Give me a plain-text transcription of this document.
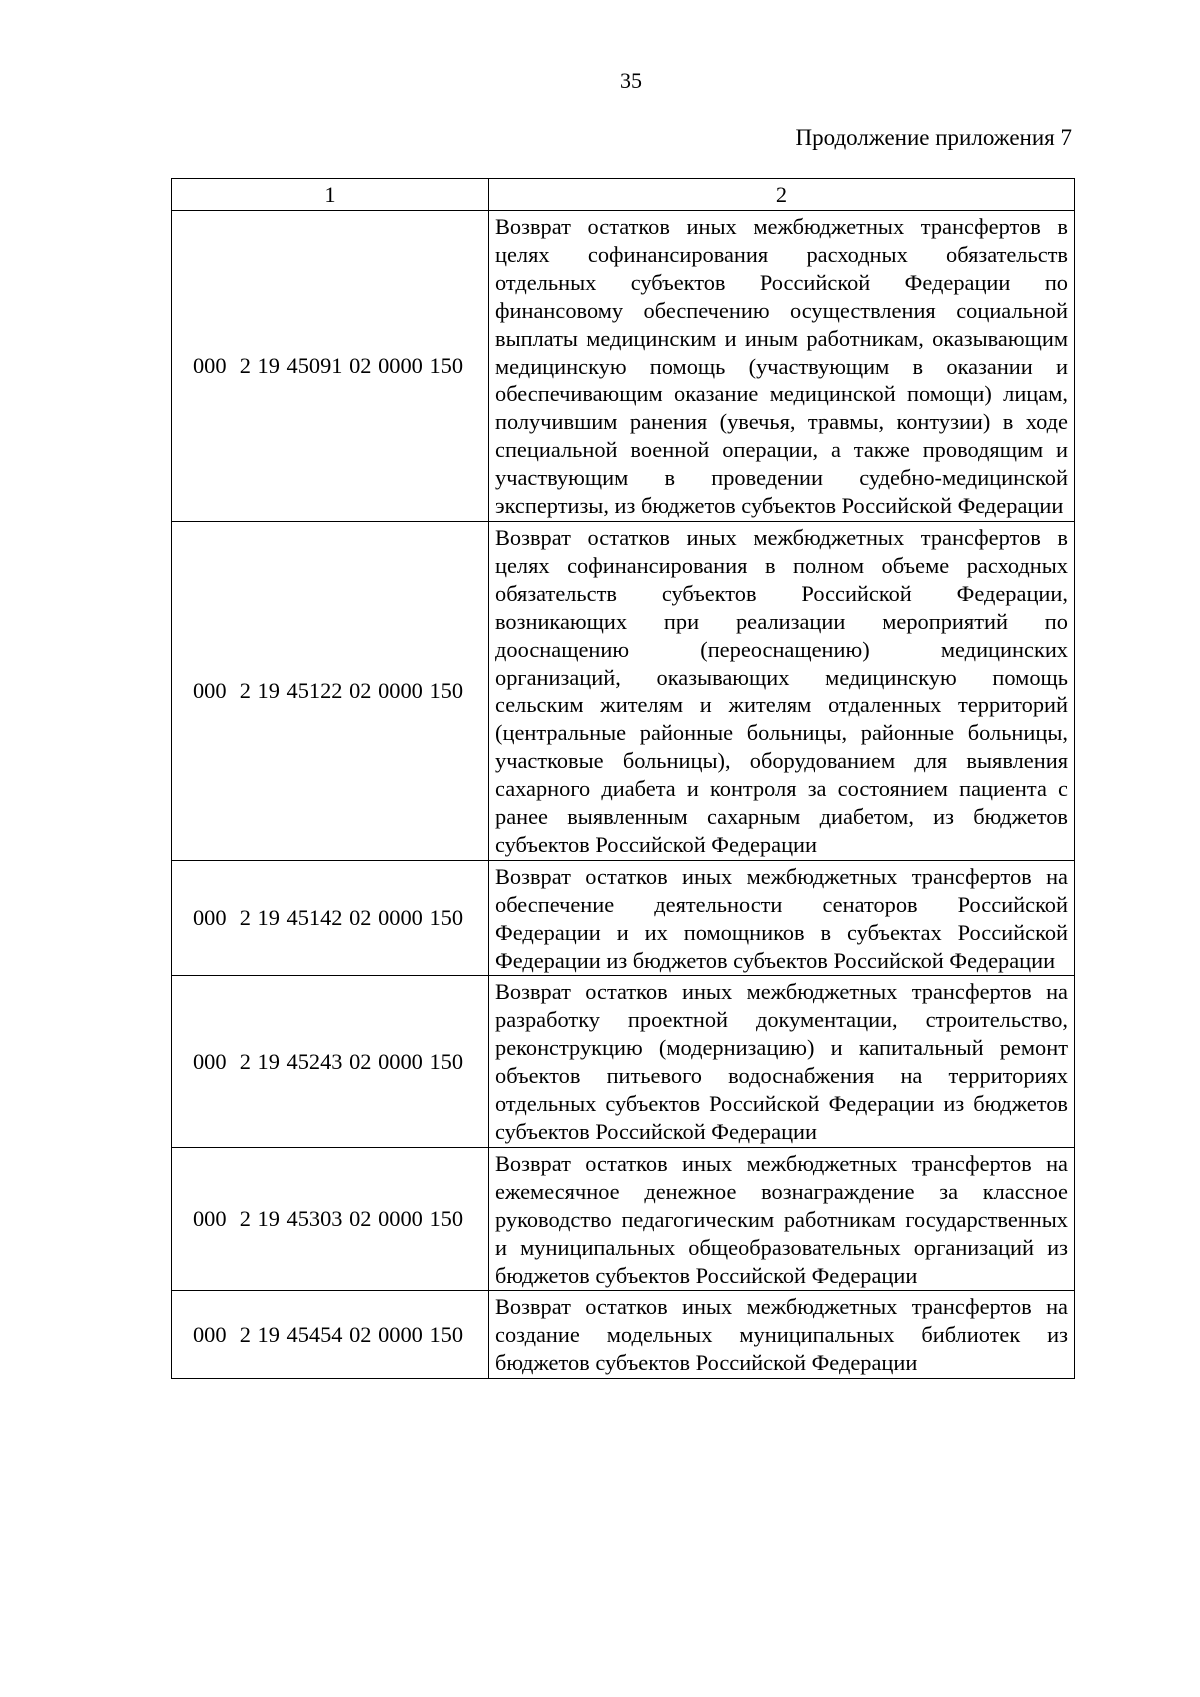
35
Продолжение приложения 7
1	2
000  2 19 45091 02 0000 150	Возврат остатков иных межбюджетных трансфертов в целях софинансирования расходных обязательств отдельных субъектов Российской Федерации по финансовому обеспечению осуществления социальной выплаты медицинским и иным работникам, оказывающим медицинскую помощь (участвующим в оказании и обеспечивающим оказание медицинской помощи) лицам, получившим ранения (увечья, травмы, контузии) в ходе специальной военной операции, а также проводящим и участвующим в проведении судебно-медицинской экспертизы, из бюджетов субъектов Российской Федерации
000  2 19 45122 02 0000 150	Возврат остатков иных межбюджетных трансфертов в целях софинансирования в полном объеме расходных обязательств субъектов Российской Федерации, возникающих при реализации мероприятий по дооснащению (переоснащению) медицинских организаций, оказывающих медицинскую помощь сельским жителям и жителям отдаленных территорий (центральные районные больницы, районные больницы, участковые больницы), оборудованием для выявления сахарного диабета и контроля за состоянием пациента с ранее выявленным сахарным диабетом, из бюджетов субъектов Российской Федерации
000  2 19 45142 02 0000 150	Возврат остатков иных межбюджетных трансфертов на обеспечение деятельности сенаторов Российской Федерации и их помощников в субъектах Российской Федерации из бюджетов субъектов Российской Федерации
000  2 19 45243 02 0000 150	Возврат остатков иных межбюджетных трансфертов на разработку проектной документации, строительство, реконструкцию (модернизацию) и капитальный ремонт объектов питьевого водоснабжения на территориях отдельных субъектов Российской Федерации из бюджетов субъектов Российской Федерации
000  2 19 45303 02 0000 150	Возврат остатков иных межбюджетных трансфертов на ежемесячное денежное вознаграждение за классное руководство педагогическим работникам государственных и муниципальных общеобразовательных организаций из бюджетов субъектов Российской Федерации
000  2 19 45454 02 0000 150	Возврат остатков иных межбюджетных трансфертов на создание модельных муниципальных библиотек из бюджетов субъектов Российской Федерации
